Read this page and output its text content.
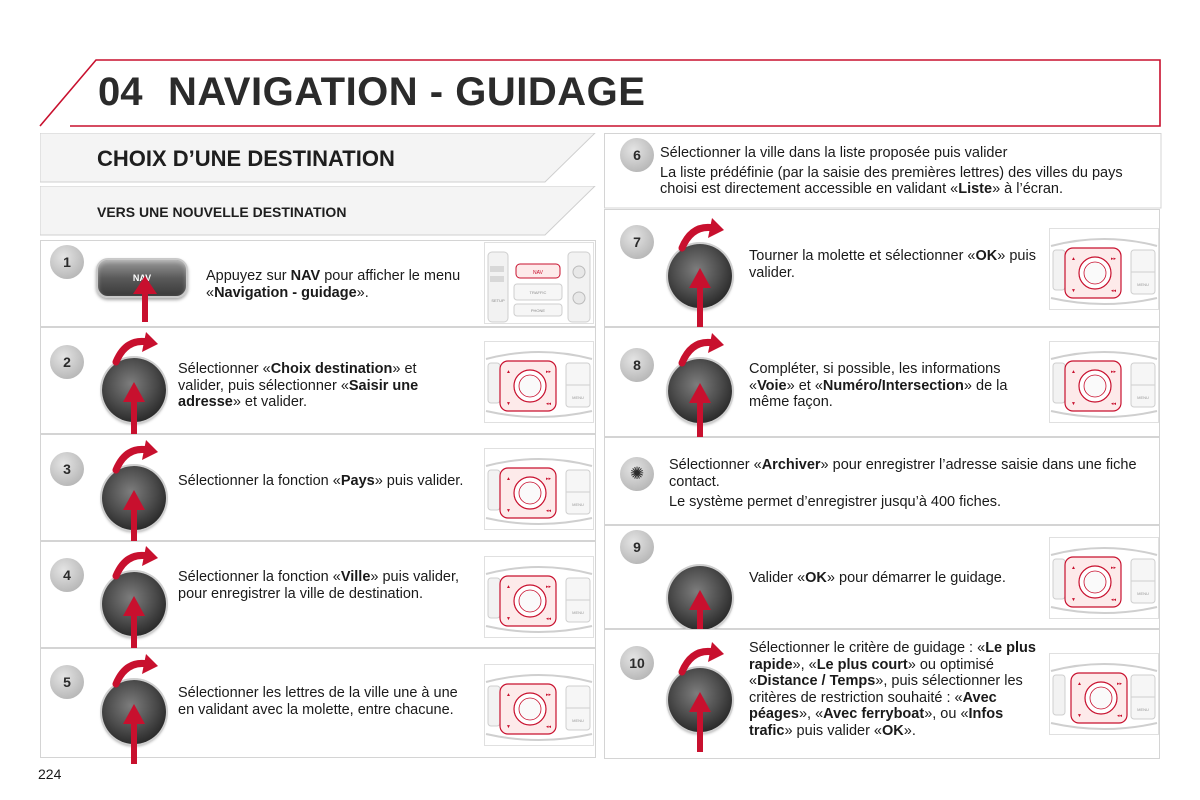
04 NAVIGATION - GUIDAGE
CHOIX D’UNE DESTINATION
VERS UNE NOUVELLE DESTINATION
1
NAV	Appuyez sur NAV pour afficher le menu «Navigation - guidage».
NAV
TRAFFIC
PHONE
SETUP
2	Sélectionner «Choix destination» et valider, puis sélectionner «Saisir une adresse» et valider.
▲
▼
▸▸
◂◂
MENU
3
Sélectionner la fonction «Pays» puis valider.	▲
▼
▸▸
◂◂
MENU
4	Sélectionner la fonction «Ville» puis valider, pour enregistrer la ville de destination.	▲
▼
▸▸
◂◂
MENU
5
Sélectionner les lettres de la ville une à une en validant avec la molette, entre chacune.
▲
▼
▸▸
◂◂
MENU
6	Sélectionner la ville dans la liste proposée puis valider

La liste prédéfinie (par la saisie des premières lettres) des villes du pays choisi est directement accessible en validant «Liste» à l’écran.

7
Tourner la molette et sélectionner «OK» puis valider.
▲
▼
▸▸
◂◂
MENU
8	Compléter, si possible, les informations «Voie» et «Numéro/Intersection» de la même façon.
▲
▼
▸▸
◂◂
MENU
✺	Sélectionner «Archiver» pour enregistrer l’adresse saisie dans une fiche contact.

Le système permet d’enregistrer jusqu’à 400 fiches.

9
Valider «OK» pour démarrer le guidage.
▲
▼
▸▸
◂◂
MENU
10
Sélectionner le critère de guidage : «Le plus rapide», «Le plus court» ou optimisé «Distance / Temps», puis sélectionner les critères de restriction souhaité : «Avec péages», «Avec ferryboat», ou «Infos trafic» puis valider «OK».
▲
▼
▸▸
◂◂
MENU
224
